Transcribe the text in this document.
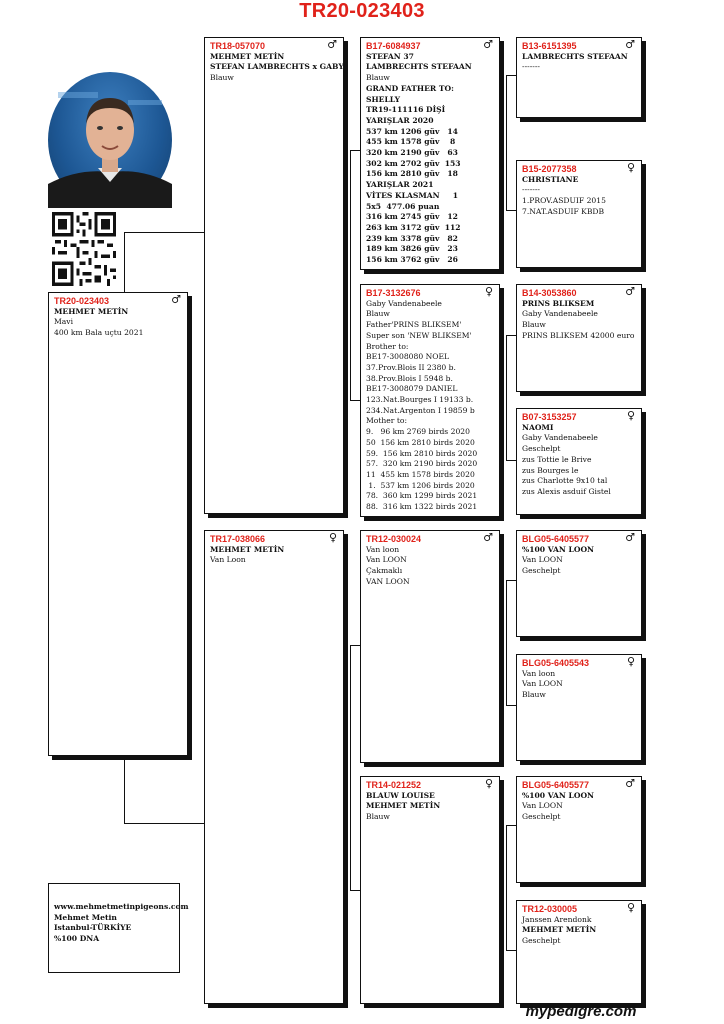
TR20-023403
TR20-023403	♂
MEHMET METİN
Mavi
400 km Bala uçtu 2021
TR18-057070	♂
MEHMET METİN
STEFAN LAMBRECHTS x GABY
Blauw
TR17-038066	♀
MEHMET METİN
Van Loon
B17-6084937	♂
STEFAN 37
LAMBRECHTS STEFAAN
Blauw
GRAND FATHER TO:
SHELLY
TR19-111116 DİŞİ
YARIŞLAR 2020
537 km 1206 güv   14
455 km 1578 güv    8
320 km 2190 güv   63
302 km 2702 güv  153
156 km 2810 güv   18
YARIŞLAR 2021
VİTES KLASMAN     1
5x5  477.06 puan
316 km 2745 güv   12
263 km 3172 güv  112
239 km 3378 güv   82
189 km 3826 güv   23
156 km 3762 güv   26
B17-3132676	♀
Gaby Vandenabeele
Blauw
Father'PRINS BLIKSEM'
Super son 'NEW BLIKSEM'
Brother to:
BE17-3008080 NOEL
37.Prov.Blois II 2380 b.
38.Prov.Blois I 5948 b.
BE17-3008079 DANIEL
123.Nat.Bourges I 19133 b.
234.Nat.Argenton I 19859 b
Mother to:
9.   96 km 2769 birds 2020
50  156 km 2810 birds 2020
59.  156 km 2810 birds 2020
57.  320 km 2190 birds 2020
11  455 km 1578 birds 2020
1.  537 km 1206 birds 2020
78.  360 km 1299 birds 2021
88.  316 km 1322 birds 2021
TR12-030024	♂
Van loon
Van LOON
Çakmaklı
VAN LOON
TR14-021252	♀
BLAUW LOUISE
MEHMET METİN
Blauw
B13-6151395	♂
LAMBRECHTS STEFAAN
-------
B15-2077358	♀
CHRISTIANE
-------
1.PROV.ASDUIF 2015
7.NAT.ASDUIF KBDB
B14-3053860	♂
PRINS BLIKSEM
Gaby Vandenabeele
Blauw
PRINS BLIKSEM 42000 euro
B07-3153257	♀
NAOMI
Gaby Vandenabeele
Geschelpt
zus Tottie le Brive
zus Bourges le
zus Charlotte 9x10 tal
zus Alexis asduif Gistel
BLG05-6405577	♂
%100 VAN LOON
Van LOON
Geschelpt
BLG05-6405543	♀
Van loon
Van LOON
Blauw
BLG05-6405577	♂
%100 VAN LOON
Van LOON
Geschelpt
TR12-030005	♀
Janssen Arendonk
MEHMET METİN
Geschelpt
www.mehmetmetinpigeons.com
Mehmet Metin
Istanbul-TÜRKİYE
%100 DNA
mypedigre.com
